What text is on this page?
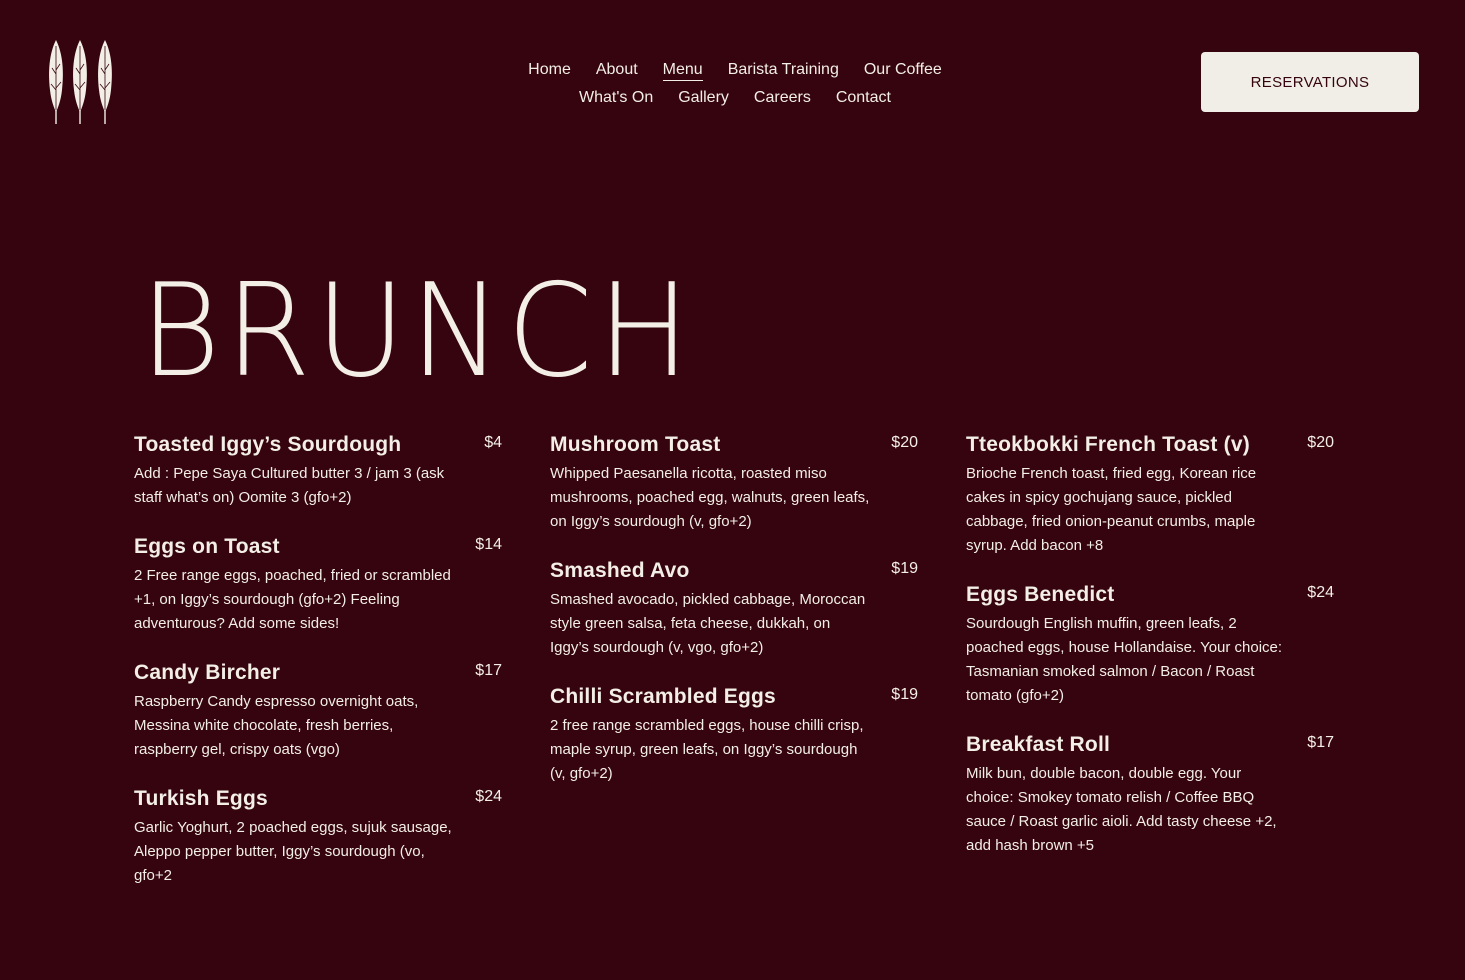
Home About Menu Barista Training Our Coffee
What's On Gallery Careers Contact
RESERVATIONS
BRUNCH
Toasted Iggy’s Sourdough	$4
Add : Pepe Saya Cultured butter 3 / jam 3 (ask staff what’s on) Oomite 3 (gfo+2)
Eggs on Toast	$14
2 Free range eggs, poached, fried or scrambled +1, on Iggy’s sourdough (gfo+2) Feeling adventurous? Add some sides!
Candy Bircher	$17
Raspberry Candy espresso overnight oats, Messina white chocolate, fresh berries, raspberry gel, crispy oats (vgo)
Turkish Eggs	$24
Garlic Yoghurt, 2 poached eggs, sujuk sausage, Aleppo pepper butter, Iggy’s sourdough (vo, gfo+2
Mushroom Toast	$20
Whipped Paesanella ricotta, roasted miso mushrooms, poached egg, walnuts, green leafs, on Iggy’s sourdough (v, gfo+2)
Smashed Avo	$19
Smashed avocado, pickled cabbage, Moroccan style green salsa, feta cheese, dukkah, on Iggy’s sourdough (v, vgo, gfo+2)
Chilli Scrambled Eggs	$19
2 free range scrambled eggs, house chilli crisp, maple syrup, green leafs, on Iggy’s sourdough (v, gfo+2)
Tteokbokki French Toast (v)	$20
Brioche French toast, fried egg, Korean rice cakes in spicy gochujang sauce, pickled cabbage, fried onion-peanut crumbs, maple syrup. Add bacon +8
Eggs Benedict	$24
Sourdough English muffin, green leafs, 2 poached eggs, house Hollandaise. Your choice: Tasmanian smoked salmon / Bacon / Roast tomato (gfo+2)
Breakfast Roll	$17
Milk bun, double bacon, double egg. Your choice: Smokey tomato relish / Coffee BBQ sauce / Roast garlic aioli. Add tasty cheese +2, add hash brown +5
